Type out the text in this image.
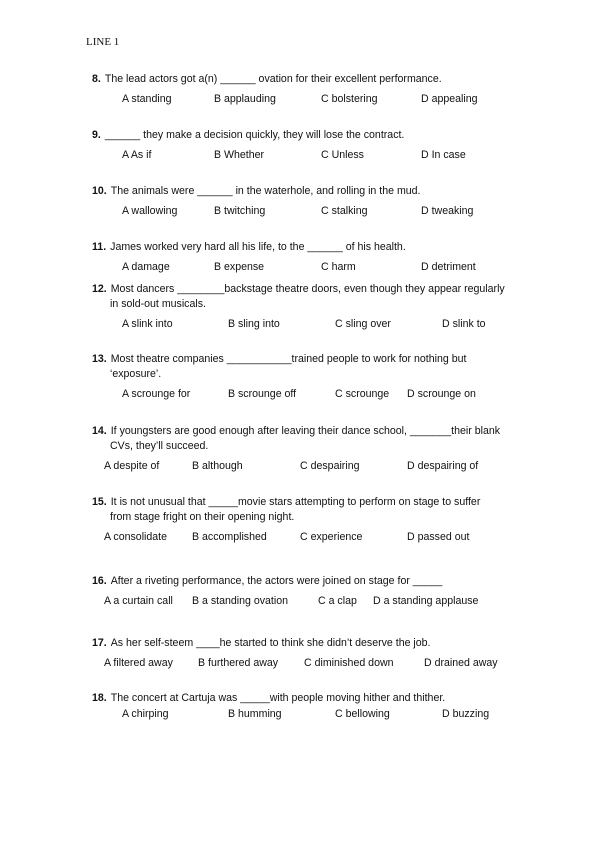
LINE 1
8. The lead actors got a(n) ______ ovation for their excellent performance.
A standing	B applauding	C bolstering	D appealing
9. ______ they make a decision quickly, they will lose the contract.
A As if	B Whether	C Unless	D In case
10. The animals were ______ in the waterhole, and rolling in the mud.
A wallowing	B twitching	C stalking	D tweaking
11. James worked very hard all his life, to the ______ of his health.
A damage	B expense	C harm	D detriment
12. Most dancers ________backstage theatre doors, even though they appear regularly
in sold-out musicals.
A slink into	B sling into	C sling over	D slink to
13. Most theatre companies ___________trained people to work for nothing but
‘exposure’.
A scrounge for	B scrounge off	C scrounge D scrounge on
14. If youngsters are good enough after leaving their dance school, _______their blank
CVs, they’ll succeed.
A despite of	B although	C despairing	D despairing of
15. It is not unusual that _____movie stars attempting to perform on stage to suffer
from stage fright on their opening night.
A consolidate B accomplished	C experience	D passed out
16. After a riveting performance, the actors were joined on stage for _____
A a curtain call B a standing ovation	C a clap D a standing applause
17. As her self-steem ____he started to think she didn’t deserve the job.
A filtered away B furthered away C diminished down	D drained away
18. The concert at Cartuja was _____with people moving hither and thither.
A chirping	B humming	C bellowing	D buzzing
